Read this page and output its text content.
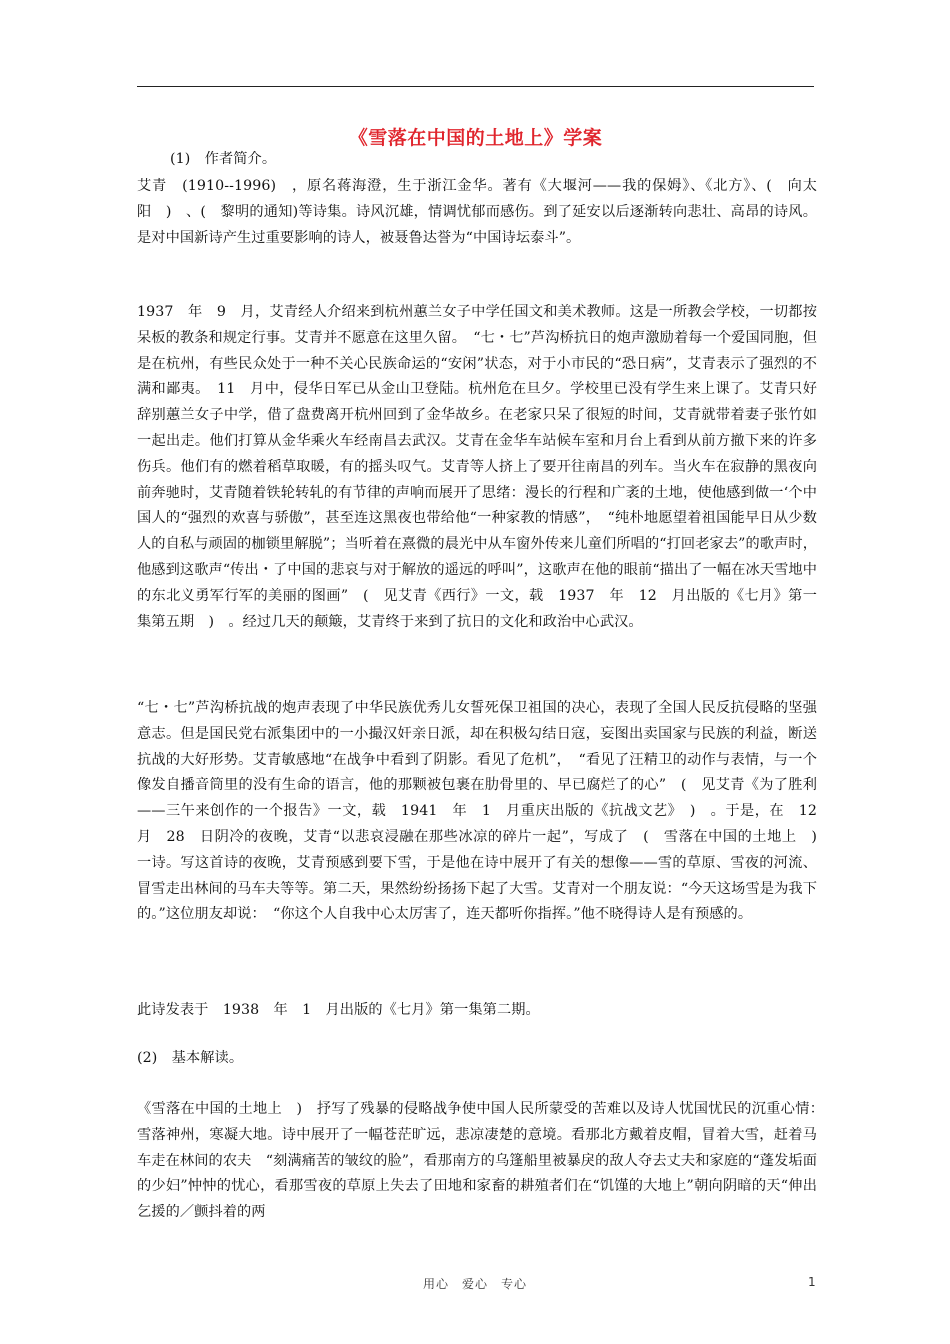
《雪落在中国的土地上》学案

(1)　作者简介。

艾青　(1910--1996)　，原名蒋海澄，生于浙江金华。著有《大堰河——我的保姆》、《北方》、(　向太阳　)　、(　黎明的通知)等诗集。诗风沉雄，情调忧郁而感伤。到了延安以后逐渐转向悲壮、高昂的诗风。是对中国新诗产生过重要影响的诗人，被聂鲁达誉为“中国诗坛泰斗”。

1937　年　9　月，艾青经人介绍来到杭州蕙兰女子中学任国文和美术教师。这是一所教会学校，一切都按呆板的教条和规定行事。艾青并不愿意在这里久留。　“七・七”芦沟桥抗日的炮声激励着每一个爱国同胞，但是在杭州，有些民众处于一种不关心民族命运的“安闲”状态，对于小市民的“恐日病”，艾青表示了强烈的不满和鄙夷。　11　月中，侵华日军已从金山卫登陆。杭州危在旦夕。学校里已没有学生来上课了。艾青只好辞别蕙兰女子中学，借了盘费离开杭州回到了金华故乡。在老家只呆了很短的时间，艾青就带着妻子张竹如一起出走。他们打算从金华乘火车经南昌去武汉。艾青在金华车站候车室和月台上看到从前方撤下来的许多伤兵。他们有的燃着稻草取暖，有的摇头叹气。艾青等人挤上了要开往南昌的列车。当火车在寂静的黑夜向前奔驰时，艾青随着铁轮转轧的有节律的声响而展开了思绪：漫长的行程和广袤的土地，使他感到做一‘个中国人的“强烈的欢喜与骄傲”，甚至连这黑夜也带给他“一种家教的情感”，　“纯朴地愿望着祖国能早日从少数人的自私与顽固的枷锁里解脱”；当听着在熹微的晨光中从车窗外传来儿童们所唱的“打回老家去”的歌声时，他感到这歌声“传出・了中国的悲哀与对于解放的遥远的呼叫”，这歌声在他的眼前“描出了一幅在冰天雪地中的东北义勇军行军的美丽的图画”　(　见艾青《西行》一文，载　1937　年　12　月出版的《七月》第一集第五期　)　。经过几天的颠簸，艾青终于来到了抗日的文化和政治中心武汉。

“七・七”芦沟桥抗战的炮声表现了中华民族优秀儿女誓死保卫祖国的决心，表现了全国人民反抗侵略的坚强意志。但是国民党右派集团中的一小撮汉奸亲日派，却在积极勾结日寇，妄图出卖国家与民族的利益，断送抗战的大好形势。艾青敏感地“在战争中看到了阴影。看见了危机”，　“看见了汪精卫的动作与表情，与一个像发自播音筒里的没有生命的语言，他的那颗被包裹在肋骨里的、早已腐烂了的心”　(　见艾青《为了胜利——三午来创作的一个报告》一文，载　1941　年　1　月重庆出版的《抗战文艺》　)　。于是，在　12　月　28　日阴冷的夜晚，艾青“以悲哀浸融在那些冰凉的碎片一起”，写成了　(　雪落在中国的土地上　)　一诗。写这首诗的夜晚，艾青预感到要下雪，于是他在诗中展开了有关的想像——雪的草原、雪夜的河流、冒雪走出林间的马车夫等等。第二天，果然纷纷扬扬下起了大雪。艾青对一个朋友说：“今天这场雪是为我下的。”这位朋友却说：　“你这个人自我中心太厉害了，连天都听你指挥。”他不晓得诗人是有预感的。

此诗发表于　1938　年　1　月出版的《七月》第一集第二期。

(2)　基本解读。

《雪落在中国的土地上　)　抒写了残暴的侵略战争使中国人民所蒙受的苦难以及诗人忧国忧民的沉重心情：　雪落神州，寒凝大地。诗中展开了一幅苍茫旷远，悲凉凄楚的意境。看那北方戴着皮帽，冒着大雪，赶着马车走在林间的农夫　“刻满痛苦的皱纹的脸”，看那南方的乌篷船里被暴戾的敌人夺去丈夫和家庭的“蓬发垢面的少妇”忡忡的忧心，看那雪夜的草原上失去了田地和家畜的耕殖者们在“饥馑的大地上”朝向阴暗的天“伸出乞援的／颤抖着的两

用心　爱心　专心	1
